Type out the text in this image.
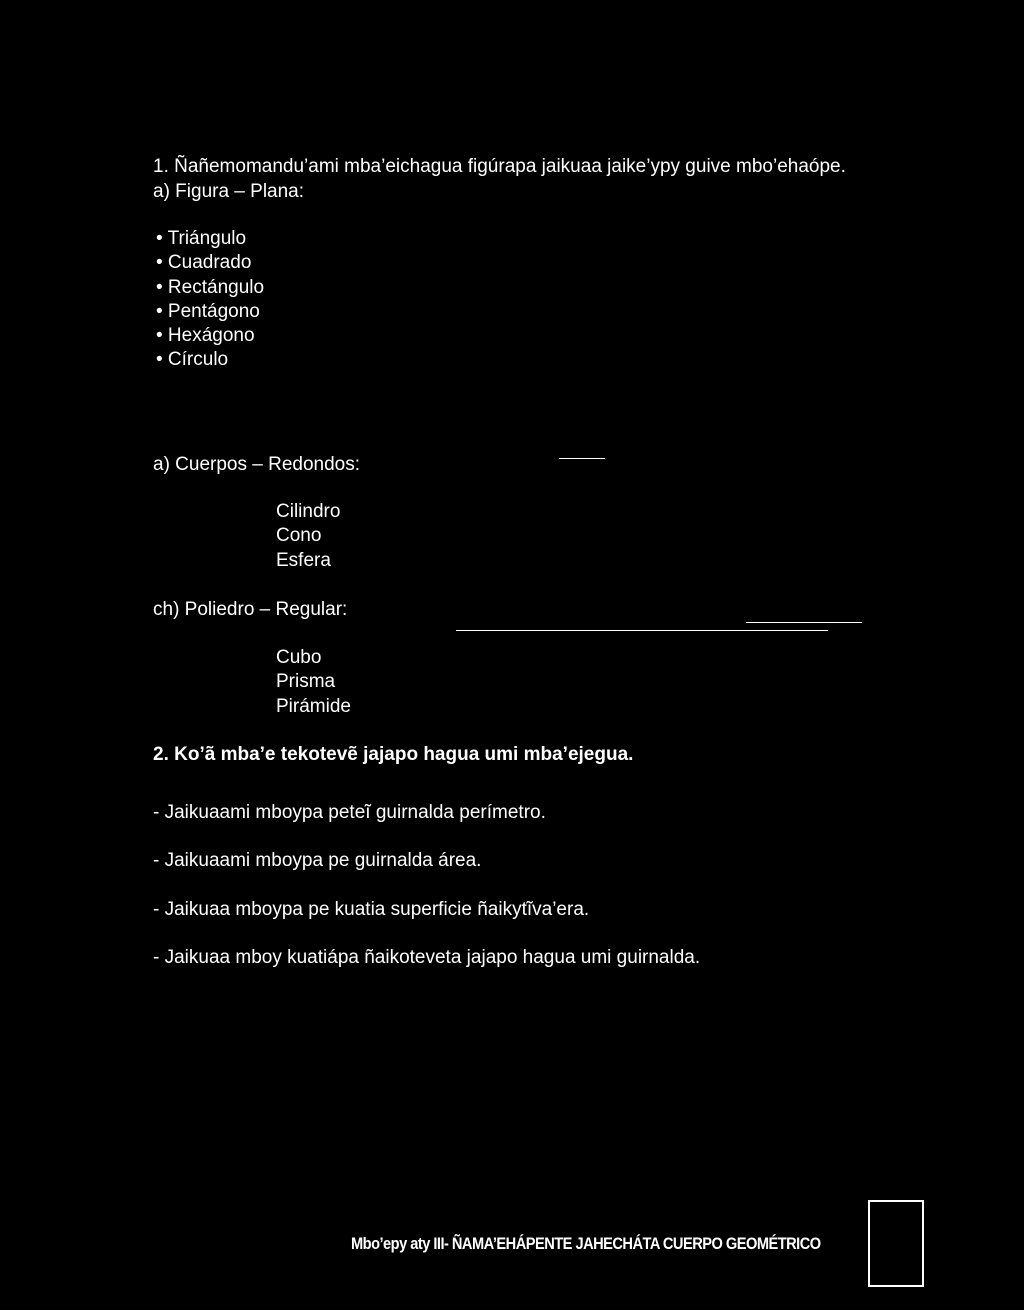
1. Ñañemomandu’ami mba’eichagua figúrapa jaikuaa jaike’ypy guive mbo’ehaópe.
a) Figura – Plana:
• Triángulo
• Cuadrado
• Rectángulo
• Pentágono
• Hexágono
• Círculo
a) Cuerpos – Redondos:
Cilindro
Cono
Esfera
ch) Poliedro – Regular:
Cubo
Prisma
Pirámide
2. Ko’ã mba’e tekotevẽ jajapo hagua umi mba’ejegua.
- Jaikuaami mboypa peteĩ guirnalda perímetro.
- Jaikuaami mboypa pe guirnalda área.
- Jaikuaa mboypa pe kuatia superficie ñaikytĩva’era.
- Jaikuaa mboy kuatiápa ñaikoteveta jajapo hagua umi guirnalda.
Mbo’epy aty III- ÑAMA’EHÁPENTE JAHECHÁTA CUERPO GEOMÉTRICO
